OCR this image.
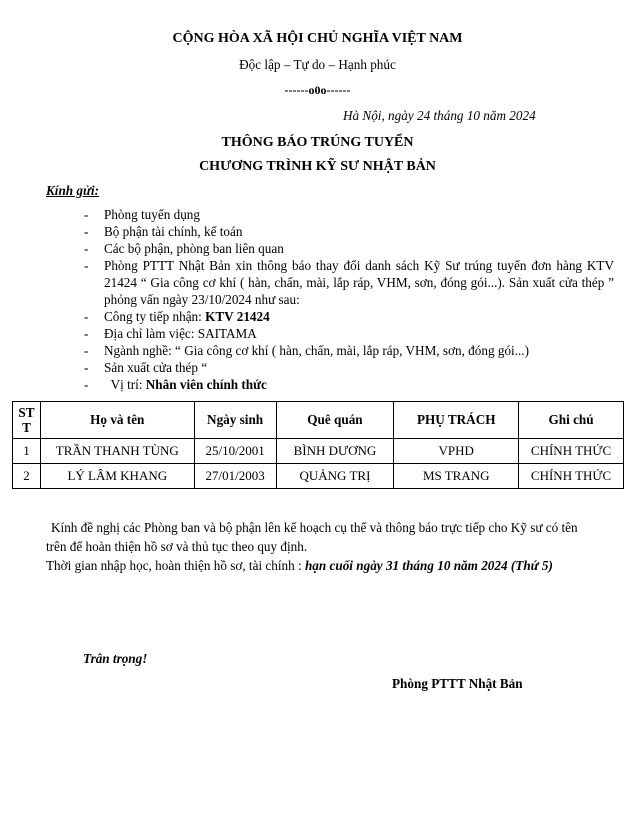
CỘNG HÒA XÃ HỘI CHỦ NGHĨA VIỆT NAM
Độc lập – Tự do – Hạnh phúc
------o0o------
Hà Nội, ngày 24 tháng 10 năm 2024
THÔNG BÁO TRÚNG TUYỂN
CHƯƠNG TRÌNH KỸ SƯ NHẬT BẢN
Kính gửi:
- Phòng tuyển dụng
- Bộ phận tài chính, kế toán
- Các bộ phận, phòng ban liên quan
- Phòng PTTT Nhật Bản xin thông báo thay đổi danh sách Kỹ Sư trúng tuyển đơn hàng KTV 21424 “ Gia công cơ khí ( hàn, chấn, mài, lắp ráp, VHM, sơn, đóng gói...). Sản xuất cửa thép ” phỏng vấn ngày 23/10/2024 như sau:
- Công ty tiếp nhận: KTV 21424
- Địa chỉ làm việc: SAITAMA
- Ngành nghề: “ Gia công cơ khí ( hàn, chấn, mài, lắp ráp, VHM, sơn, đóng gói...)
- Sản xuất cửa thép “
- Vị trí: Nhân viên chính thức
ST T	Họ và tên	Ngày sinh	Quê quán	PHỤ TRÁCH	Ghi chú
1	TRẦN THANH TÙNG	25/10/2001	BÌNH DƯƠNG	VPHD	CHÍNH THỨC
2	LÝ LÂM KHANG	27/01/2003	QUẢNG TRỊ	MS TRANG	CHÍNH THỨC
Kính đề nghị các Phòng ban và bộ phận lên kế hoạch cụ thể và thông báo trực tiếp cho Kỹ sư có tên trên để hoàn thiện hồ sơ và thủ tục theo quy định.
Thời gian nhập học, hoàn thiện hồ sơ, tài chính : hạn cuối ngày 31 tháng 10 năm 2024 (Thứ 5)
Trân trọng!
Phòng PTTT Nhật Bản
